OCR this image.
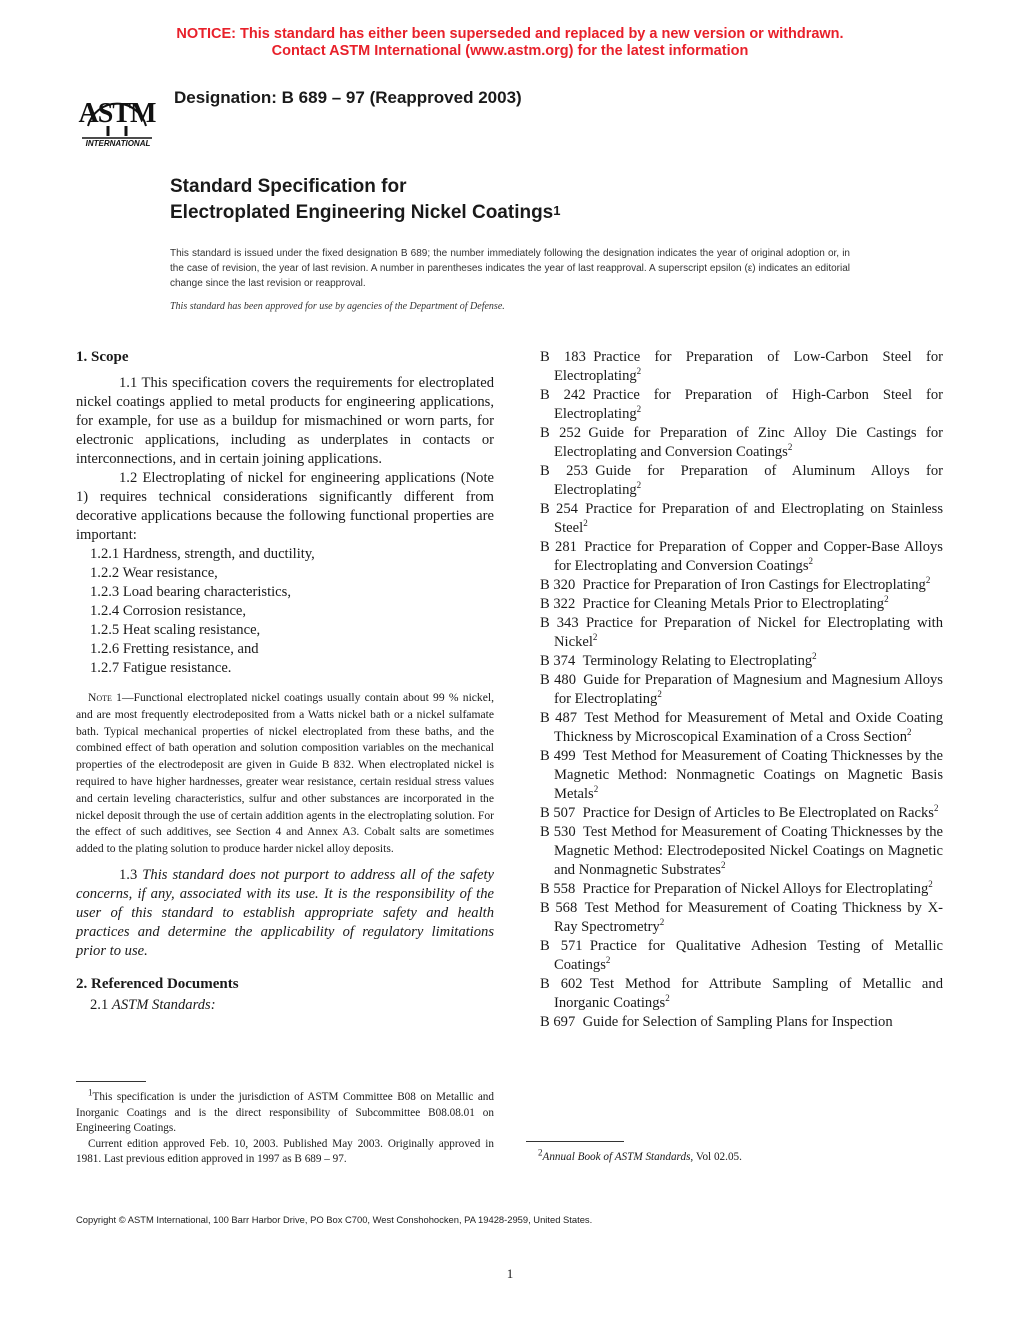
NOTICE: This standard has either been superseded and replaced by a new version or withdrawn.
Contact ASTM International (www.astm.org) for the latest information
ASTM
INTERNATIONAL
Designation: B 689 – 97 (Reapproved 2003)
Standard Specification for
Electroplated Engineering Nickel Coatings$^1$
This standard is issued under the fixed designation B 689; the number immediately following the designation indicates the year of original adoption or, in the case of revision, the year of last revision. A number in parentheses indicates the year of last reapproval. A superscript epsilon (ε) indicates an editorial change since the last revision or reapproval.
This standard has been approved for use by agencies of the Department of Defense.
1. Scope
1.1 This specification covers the requirements for electroplated nickel coatings applied to metal products for engineering applications, for example, for use as a buildup for mismachined or worn parts, for electronic applications, including as underplates in contacts or interconnections, and in certain joining applications.
1.2 Electroplating of nickel for engineering applications (Note 1) requires technical considerations significantly different from decorative applications because the following functional properties are important:
1.2.1 Hardness, strength, and ductility,
1.2.2 Wear resistance,
1.2.3 Load bearing characteristics,
1.2.4 Corrosion resistance,
1.2.5 Heat scaling resistance,
1.2.6 Fretting resistance, and
1.2.7 Fatigue resistance.
Note 1—Functional electroplated nickel coatings usually contain about 99 % nickel, and are most frequently electrodeposited from a Watts nickel bath or a nickel sulfamate bath. Typical mechanical properties of nickel electroplated from these baths, and the combined effect of bath operation and solution composition variables on the mechanical properties of the electrodeposit are given in Guide B 832. When electroplated nickel is required to have higher hardnesses, greater wear resistance, certain residual stress values and certain leveling characteristics, sulfur and other substances are incorporated in the nickel deposit through the use of certain addition agents in the electroplating solution. For the effect of such additives, see Section 4 and Annex A3. Cobalt salts are sometimes added to the plating solution to produce harder nickel alloy deposits.
1.3 This standard does not purport to address all of the safety concerns, if any, associated with its use. It is the responsibility of the user of this standard to establish appropriate safety and health practices and determine the applicability of regulatory limitations prior to use.
2. Referenced Documents
2.1 ASTM Standards:
$^1$This specification is under the jurisdiction of ASTM Committee B08 on Metallic and Inorganic Coatings and is the direct responsibility of Subcommittee B08.08.01 on Engineering Coatings.
Current edition approved Feb. 10, 2003. Published May 2003. Originally approved in 1981. Last previous edition approved in 1997 as B 689 – 97.

B 183  Practice for Preparation of Low-Carbon Steel for Electroplating$^2$

B 242  Practice for Preparation of High-Carbon Steel for Electroplating$^2$

B 252  Guide for Preparation of Zinc Alloy Die Castings for Electroplating and Conversion Coatings$^2$

B 253  Guide for Preparation of Aluminum Alloys for Electroplating$^2$

B 254  Practice for Preparation of and Electroplating on Stainless Steel$^2$

B 281  Practice for Preparation of Copper and Copper-Base Alloys for Electroplating and Conversion Coatings$^2$

B 320  Practice for Preparation of Iron Castings for Electroplating$^2$

B 322  Practice for Cleaning Metals Prior to Electroplating$^2$

B 343  Practice for Preparation of Nickel for Electroplating with Nickel$^2$

B 374  Terminology Relating to Electroplating$^2$

B 480  Guide for Preparation of Magnesium and Magnesium Alloys for Electroplating$^2$

B 487  Test Method for Measurement of Metal and Oxide Coating Thickness by Microscopical Examination of a Cross Section$^2$

B 499  Test Method for Measurement of Coating Thicknesses by the Magnetic Method: Nonmagnetic Coatings on Magnetic Basis Metals$^2$

B 507  Practice for Design of Articles to Be Electroplated on Racks$^2$

B 530  Test Method for Measurement of Coating Thicknesses by the Magnetic Method: Electrodeposited Nickel Coatings on Magnetic and Nonmagnetic Substrates$^2$

B 558  Practice for Preparation of Nickel Alloys for Electroplating$^2$

B 568  Test Method for Measurement of Coating Thickness by X-Ray Spectrometry$^2$

B 571  Practice for Qualitative Adhesion Testing of Metallic Coatings$^2$

B 602  Test Method for Attribute Sampling of Metallic and Inorganic Coatings$^2$

B 697  Guide for Selection of Sampling Plans for Inspection

$^2$Annual Book of ASTM Standards, Vol 02.05.
Copyright © ASTM International, 100 Barr Harbor Drive, PO Box C700, West Conshohocken, PA 19428-2959, United States.
1
